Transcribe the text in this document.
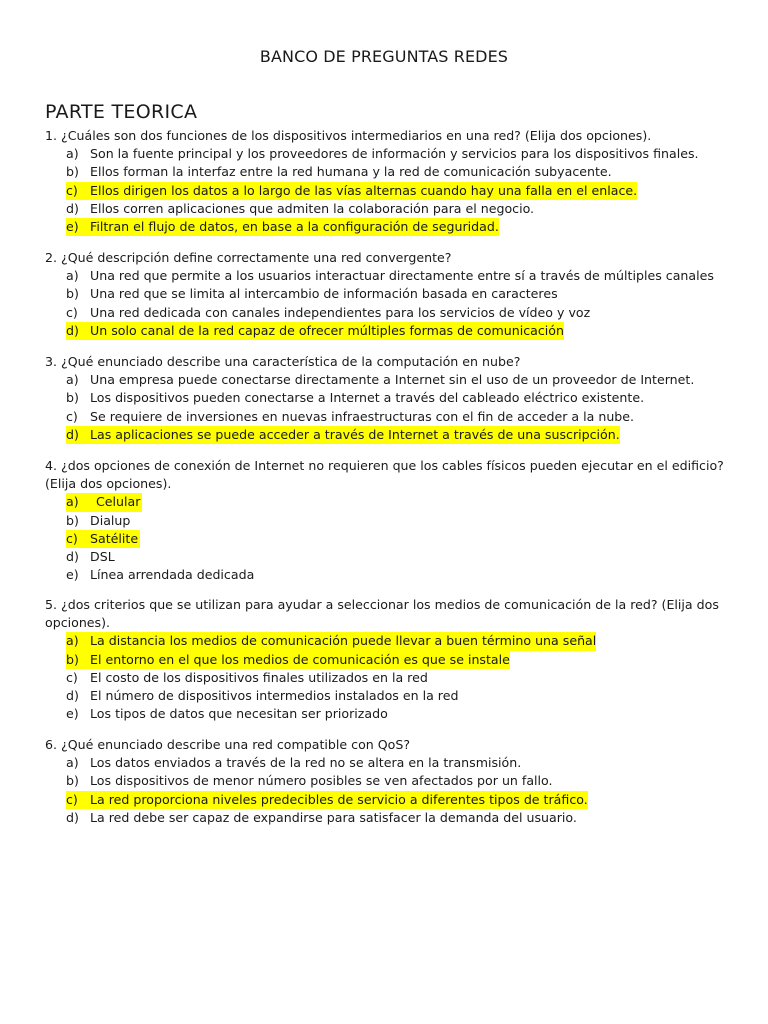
BANCO DE PREGUNTAS REDES
PARTE TEORICA

1. ¿Cuáles son dos funciones de los dispositivos intermediarios en una red? (Elija dos opciones).

a) Son la fuente principal y los proveedores de información y servicios para los dispositivos finales.
b) Ellos forman la interfaz entre la red humana y la red de comunicación subyacente.
c) Ellos dirigen los datos a lo largo de las vías alternas cuando hay una falla en el enlace.
d) Ellos corren aplicaciones que admiten la colaboración para el negocio.
e) Filtran el flujo de datos, en base a la configuración de seguridad.

2. ¿Qué descripción define correctamente una red convergente?

a) Una red que permite a los usuarios interactuar directamente entre sí a través de múltiples canales
b) Una red que se limita al intercambio de información basada en caracteres
c) Una red dedicada con canales independientes para los servicios de vídeo y voz
d) Un solo canal de la red capaz de ofrecer múltiples formas de comunicación

3. ¿Qué enunciado describe una característica de la computación en nube?

a) Una empresa puede conectarse directamente a Internet sin el uso de un proveedor de Internet.
b) Los dispositivos pueden conectarse a Internet a través del cableado eléctrico existente.
c) Se requiere de inversiones en nuevas infraestructuras con el fin de acceder a la nube.
d) Las aplicaciones se puede acceder a través de Internet a través de una suscripción.

4. ¿dos opciones de conexión de Internet no requieren que los cables físicos pueden ejecutar en el edificio? (Elija dos opciones).

a)	Celular
b) Dialup
c) Satélite
d) DSL
e) Línea arrendada dedicada

5. ¿dos criterios que se utilizan para ayudar a seleccionar los medios de comunicación de la red? (Elija dos opciones).

a) La distancia los medios de comunicación puede llevar a buen término una señal
b) El entorno en el que los medios de comunicación es que se instale
c) El costo de los dispositivos finales utilizados en la red
d) El número de dispositivos intermedios instalados en la red
e) Los tipos de datos que necesitan ser priorizado

6. ¿Qué enunciado describe una red compatible con QoS?

a) Los datos enviados a través de la red no se altera en la transmisión.
b) Los dispositivos de menor número posibles se ven afectados por un fallo.
c) La red proporciona niveles predecibles de servicio a diferentes tipos de tráfico.
d) La red debe ser capaz de expandirse para satisfacer la demanda del usuario.
